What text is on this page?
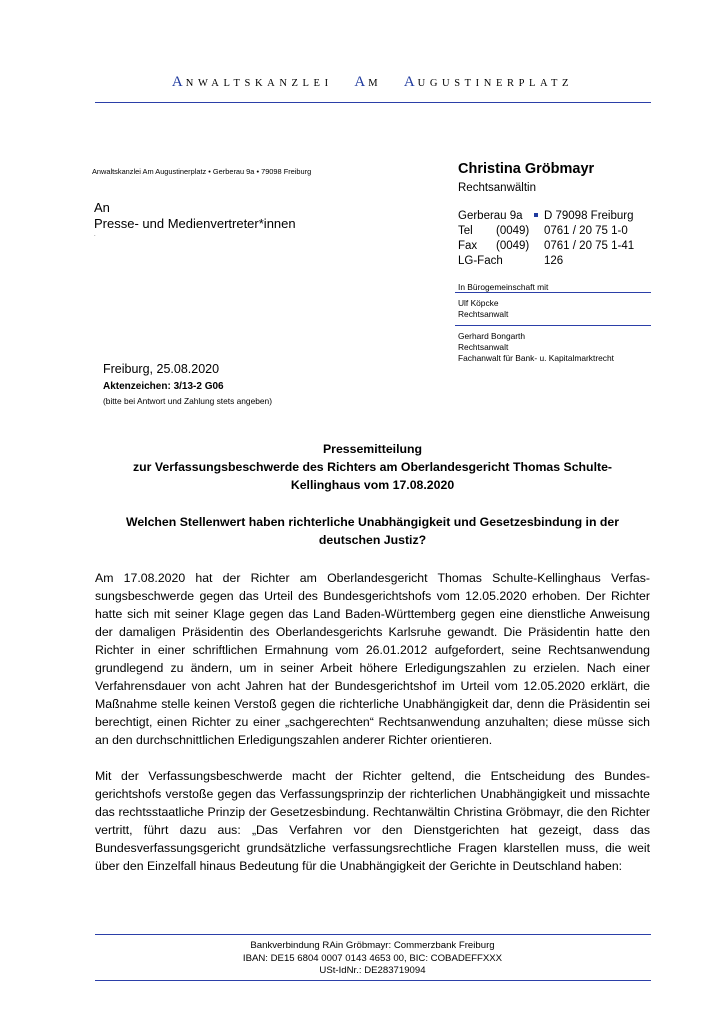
ANWALTSKANZLEI AM AUGUSTINERPLATZ
Anwaltskanzlei Am Augustinerplatz • Gerberau 9a • 79098 Freiburg
An
Presse- und Medienvertreter*innen
.
Christina Gröbmayr
Rechtsanwältin
Gerberau 9a D 79098 Freiburg
Tel (0049) 0761 / 20 75 1-0
Fax (0049) 0761 / 20 75 1-41
LG-Fach	126
In Bürogemeinschaft mit
Ulf Köpcke
Rechtsanwalt
Gerhard Bongarth
Rechtsanwalt
Fachanwalt für Bank- u. Kapitalmarktrecht
Freiburg, 25.08.2020
Aktenzeichen: 3/13-2 G06
(bitte bei Antwort und Zahlung stets angeben)
Pressemitteilung
zur Verfassungsbeschwerde des Richters am Oberlandesgericht Thomas Schulte-
Kellinghaus vom 17.08.2020
Welchen Stellenwert haben richterliche Unabhängigkeit und Gesetzesbindung in der
deutschen Justiz?

Am 17.08.2020 hat der Richter am Oberlandesgericht Thomas Schulte-Kellinghaus Verfassungsbeschwerde gegen das Urteil des Bundesgerichtshofs vom 12.05.2020 erhoben. Der Richter hatte sich mit seiner Klage gegen das Land Baden-Württemberg gegen eine dienstliche Anweisung der damaligen Präsidentin des Oberlandesgerichts Karlsruhe gewandt. Die Präsidentin hatte den Richter in einer schriftlichen Ermahnung vom 26.01.2012 aufgefordert, seine Rechtsanwendung grundlegend zu ändern, um in seiner Arbeit höhere Erledigungszahlen zu erzielen. Nach einer Verfahrensdauer von acht Jahren hat der Bundesgerichtshof im Urteil vom 12.05.2020 erklärt, die Maßnahme stelle keinen Verstoß gegen die richterliche Unabhängigkeit dar, denn die Präsidentin sei berechtigt, einen Richter zu einer „sachgerechten“ Rechtsanwendung anzuhalten; diese müsse sich an den durchschnittlichen Erledigungszahlen anderer Richter orientieren.

Mit der Verfassungsbeschwerde macht der Richter geltend, die Entscheidung des Bundesgerichtshofs verstoße gegen das Verfassungsprinzip der richterlichen Unabhängigkeit und missachte das rechtsstaatliche Prinzip der Gesetzesbindung. Rechtanwältin Christina Gröbmayr, die den Richter vertritt, führt dazu aus: „Das Verfahren vor den Dienstgerichten hat gezeigt, dass das Bundesverfassungsgericht grundsätzliche verfassungsrechtliche Fragen klarstellen muss, die weit über den Einzelfall hinaus Bedeutung für die Unabhängigkeit der Gerichte in Deutschland haben:

Bankverbindung RAin Gröbmayr: Commerzbank Freiburg
IBAN: DE15 6804 0007 0143 4653 00, BIC: COBADEFFXXX
USt-IdNr.: DE283719094
